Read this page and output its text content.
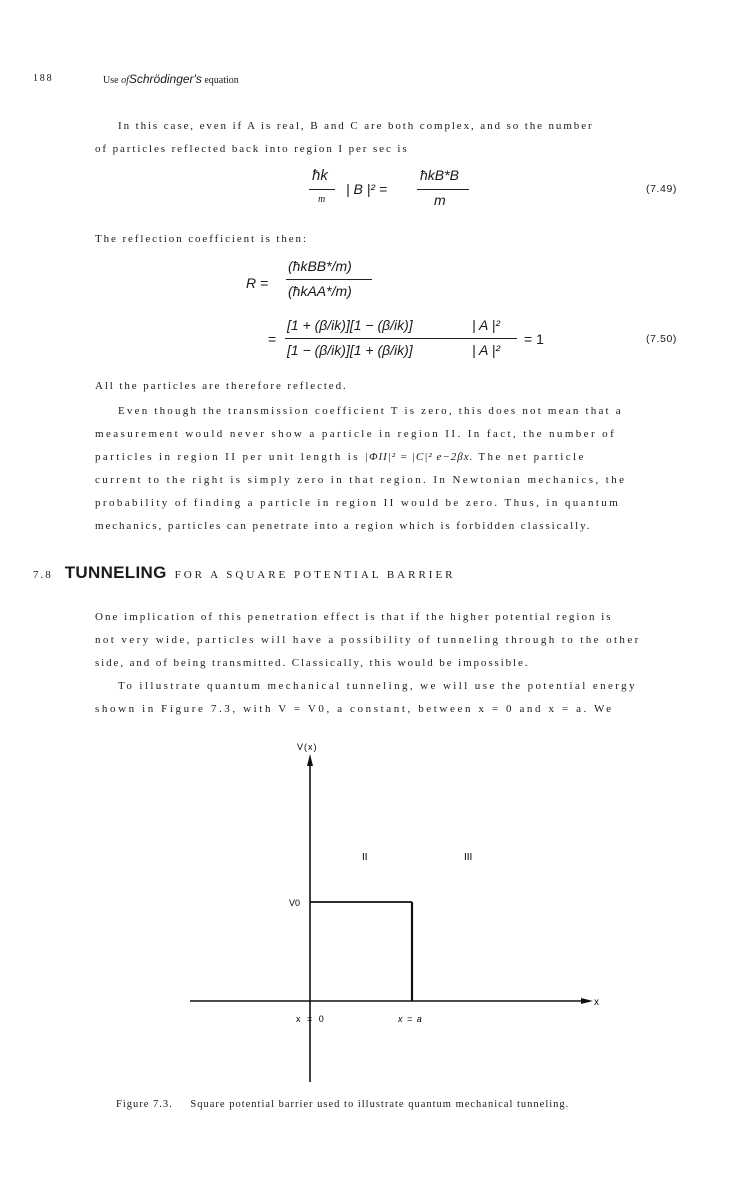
188	Use ofSchrödinger's equation
In this case, even if A is real, B and C are both complex, and so the number
of particles reflected back into region I per sec is
ħk
m
| B |² =
ħkB*B
m
(7.49)
The reflection coefficient is then:
R =
(ħkBB*/m)
(ħkAA*/m)
=
[1 + (β/ik)][1 − (β/ik)]	| A |²
[1 − (β/ik)][1 + (β/ik)]	| A |²
= 1	(7.50)
All the particles are therefore reflected.
Even though the transmission coefficient T is zero, this does not mean that a
measurement would never show a particle in region II. In fact, the number of
particles in region II per unit length is |ΦII|² = |C|² e−2βx. The net particle
current to the right is simply zero in that region. In Newtonian mechanics, the
probability of finding a particle in region II would be zero. Thus, in quantum
mechanics, particles can penetrate into a region which is forbidden classically.
7.8 TUNNELING FOR A SQUARE POTENTIAL BARRIER
One implication of this penetration effect is that if the higher potential region is
not very wide, particles will have a possibility of tunneling through to the other
side, and of being transmitted. Classically, this would be impossible.
To illustrate quantum mechanical tunneling, we will use the potential energy
shown in Figure 7.3, with V = V0, a constant, between x = 0 and x = a. We
V(x)
V0
II	III
x
x = 0	x = a
Figure 7.3. Square potential barrier used to illustrate quantum mechanical tunneling.
